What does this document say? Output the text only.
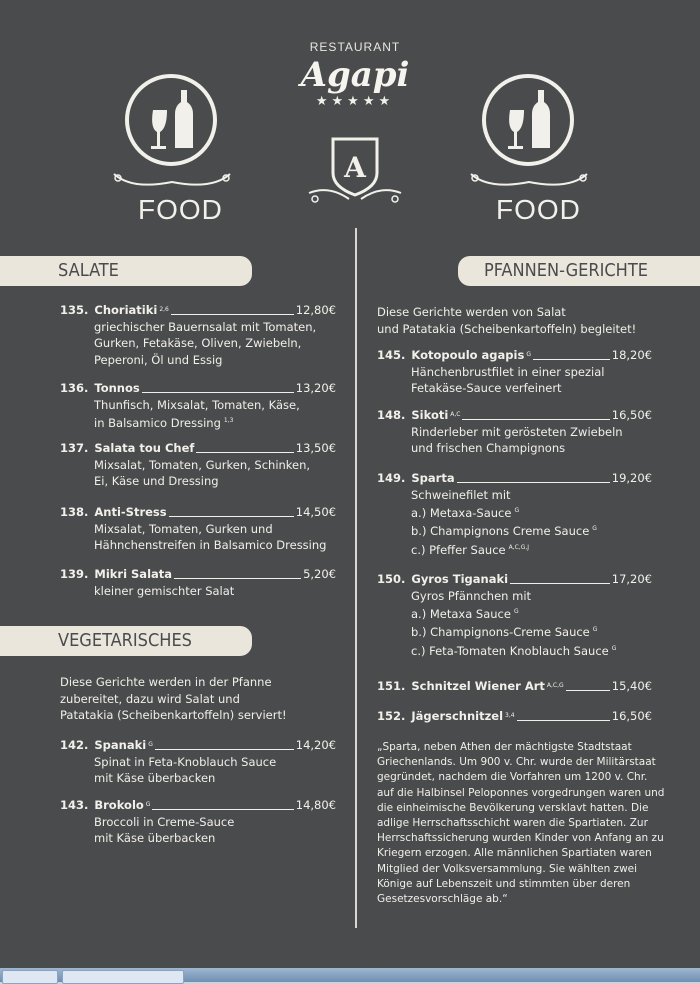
FOOD
RESTAURANT
Agapi
★★★★★
A
FOOD
SALATE
VEGETARISCHES
PFANNEN-GERICHTE
135. Choriatiki 2,6	12,80€
griechischer Bauernsalat mit Tomaten,
Gurken, Fetakäse, Oliven, Zwiebeln,
Peperoni, Öl und Essig
136. Tonnos	13,20€
Thunfisch, Mixsalat, Tomaten, Käse,
in Balsamico Dressing $^{1,3}$
137. Salata tou Chef	13,50€
Mixsalat, Tomaten, Gurken, Schinken,
Ei, Käse und Dressing
138. Anti-Stress	14,50€
Mixsalat, Tomaten, Gurken und
Hähnchenstreifen in Balsamico Dressing
139. Mikri Salata	5,20€
kleiner gemischter Salat
Diese Gerichte werden in der Pfanne
zubereitet, dazu wird Salat und
Patatakia (Scheibenkartoffeln) serviert!
142. Spanaki G	14,20€
Spinat in Feta-Knoblauch Sauce
mit Käse überbacken
143. Brokolo G	14,80€
Broccoli in Creme-Sauce
mit Käse überbacken
Diese Gerichte werden von Salat
und Patatakia (Scheibenkartoffeln) begleitet!
145. Kotopoulo agapis G	18,20€
Hänchenbrustfilet in einer spezial
Fetakäse-Sauce verfeinert
148. Sikoti A,C	16,50€
Rinderleber mit gerösteten Zwiebeln
und frischen Champignons
149. Sparta	19,20€
Schweinefilet mit
a.) Metaxa-Sauce $^G$
b.) Champignons Creme Sauce $^G$
c.) Pfeffer Sauce $^{A,C,G,J}$
150. Gyros Tiganaki	17,20€
Gyros Pfännchen mit
a.) Metaxa Sauce $^G$
b.) Champignons-Creme Sauce $^G$
c.) Feta-Tomaten Knoblauch Sauce $^G$
151. Schnitzel Wiener Art A,C,G	15,40€
152. Jägerschnitzel 3,4	16,50€
„Sparta, neben Athen der mächtigste Stadtstaat Griechenlands. Um 900 v. Chr. wurde der Militärstaat gegründet, nachdem die Vorfahren um 1200 v. Chr. auf die Halbinsel Peloponnes vorgedrungen waren und die einheimische Bevölkerung versklavt hatten. Die adlige Herrschaftsschicht waren die Spartiaten. Zur Herrschaftssicherung wurden Kinder von Anfang an zu Kriegern erzogen. Alle männlichen Spartiaten waren Mitglied der Volksversammlung. Sie wählten zwei Könige auf Lebenszeit und stimmten über deren Gesetzesvorschläge ab.“
